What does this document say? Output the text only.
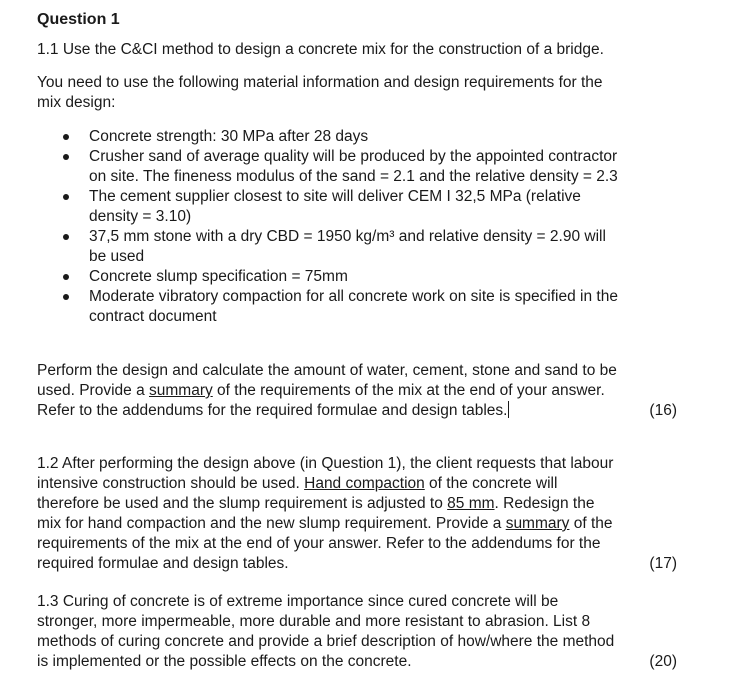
Question 1
1.1 Use the C&CI method to design a concrete mix for the construction of a bridge.
You need to use the following material information and design requirements for the
mix design:
Concrete strength: 30 MPa after 28 days
Crusher sand of average quality will be produced by the appointed contractor
on site. The fineness modulus of the sand = 2.1 and the relative density = 2.3
The cement supplier closest to site will deliver CEM I 32,5 MPa (relative
density = 3.10)
37,5 mm stone with a dry CBD = 1950 kg/m³ and relative density = 2.90 will
be used
Concrete slump specification = 75mm
Moderate vibratory compaction for all concrete work on site is specified in the
contract document
Perform the design and calculate the amount of water, cement, stone and sand to be
used. Provide a summary of the requirements of the mix at the end of your answer.
Refer to the addendums for the required formulae and design tables.	(16)
1.2 After performing the design above (in Question 1), the client requests that labour
intensive construction should be used. Hand compaction of the concrete will
therefore be used and the slump requirement is adjusted to 85 mm. Redesign the
mix for hand compaction and the new slump requirement. Provide a summary of the
requirements of the mix at the end of your answer. Refer to the addendums for the
required formulae and design tables.	(17)
1.3 Curing of concrete is of extreme importance since cured concrete will be
stronger, more impermeable, more durable and more resistant to abrasion. List 8
methods of curing concrete and provide a brief description of how/where the method
is implemented or the possible effects on the concrete.	(20)
